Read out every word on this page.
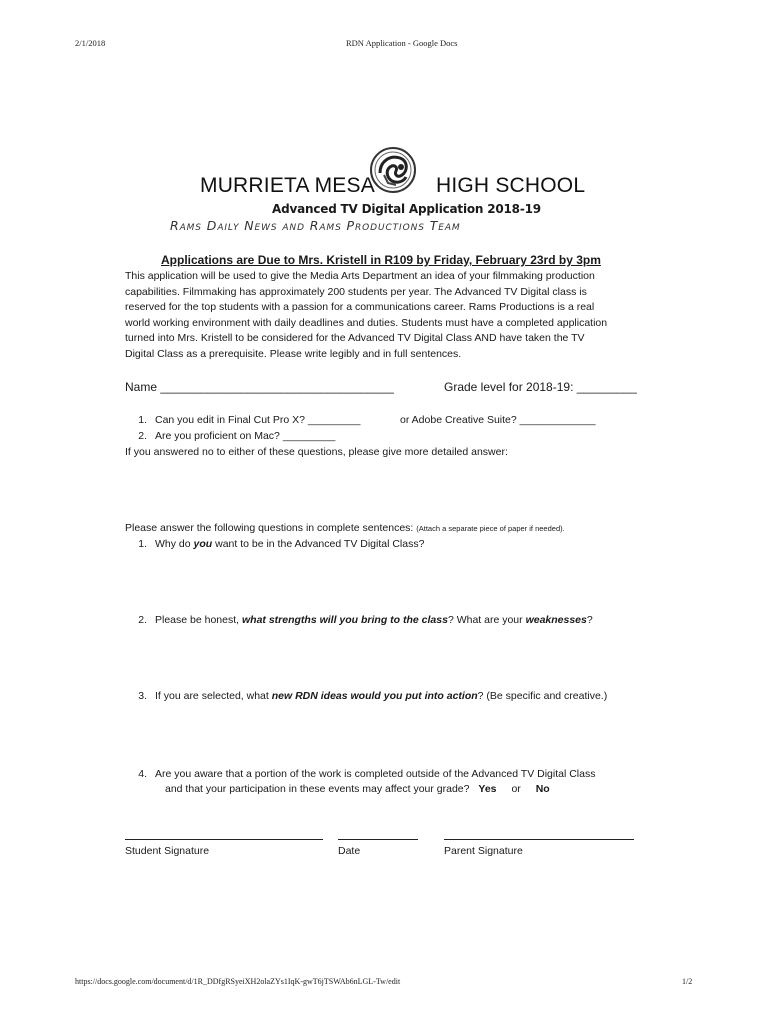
2/1/2018	RDN Application - Google Docs
MURRIETA MESA	HIGH SCHOOL
Advanced TV Digital Application 2018-19
Rams Daily News and Rams Productions Team
Applications are Due to Mrs. Kristell in R109 by Friday, February 23rd by 3pm
This application will be used to give the Media Arts Department an idea of your filmmaking production
capabilities. Filmmaking has approximately 200 students per year. The Advanced TV Digital class is
reserved for the top students with a passion for a communications career. Rams Productions is a real
world working environment with daily deadlines and duties. Students must have a completed application
turned into Mrs. Kristell to be considered for the Advanced TV Digital Class AND have taken the TV
Digital Class as a prerequisite. Please write legibly and in full sentences.
Name ___________________________________	Grade level for 2018-19: _________
1. Can you edit in Final Cut Pro X? _________	or Adobe Creative Suite? _____________
2. Are you proficient on Mac? _________
If you answered no to either of these questions, please give more detailed answer:
Please answer the following questions in complete sentences: (Attach a separate piece of paper if needed).
1. Why do you want to be in the Advanced TV Digital Class?
2. Please be honest, what strengths will you bring to the class? What are your weaknesses?
3. If you are selected, what new RDN ideas would you put into action? (Be specific and creative.)
4. Are you aware that a portion of the work is completed outside of the Advanced TV Digital Class
and that your participation in these events may affect your grade? Yes or No
Student Signature	Date	Parent Signature
https://docs.google.com/document/d/1R_DDfgRSyeiXH2olaZYs1IqK-gwT6jTSWAb6nLGL-Tw/edit	1/2
